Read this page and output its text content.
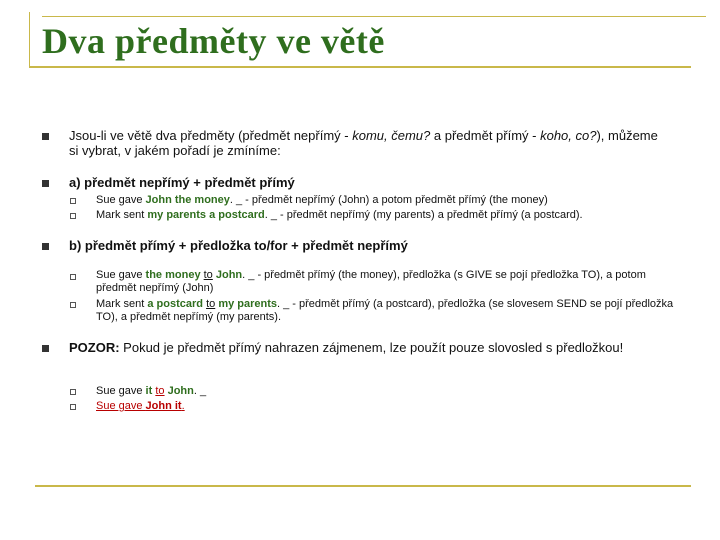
Dva předměty ve větě
Jsou-li ve větě dva předměty (předmět nepřímý - komu, čemu? a předmět přímý - koho, co?), můžeme si vybrat, v jakém pořadí je zmíníme:
a) předmět nepřímý + předmět přímý
Sue gave John the money. _ - předmět nepřímý (John) a potom předmět přímý (the money)
Mark sent my parents a postcard. _ - předmět nepřímý (my parents) a předmět přímý (a postcard).
b) předmět přímý + předložka to/for + předmět nepřímý
Sue gave the money to John. _ - předmět přímý (the money), předložka (s GIVE se pojí předložka TO), a potom předmět nepřímý (John)
Mark sent a postcard to my parents. _ - předmět přímý (a postcard), předložka (se slovesem SEND se pojí předložka TO), a předmět nepřímý (my parents).
POZOR: Pokud je předmět přímý nahrazen zájmenem, lze použít pouze slovosled s předložkou!
Sue gave it to John. _
Sue gave John it.
